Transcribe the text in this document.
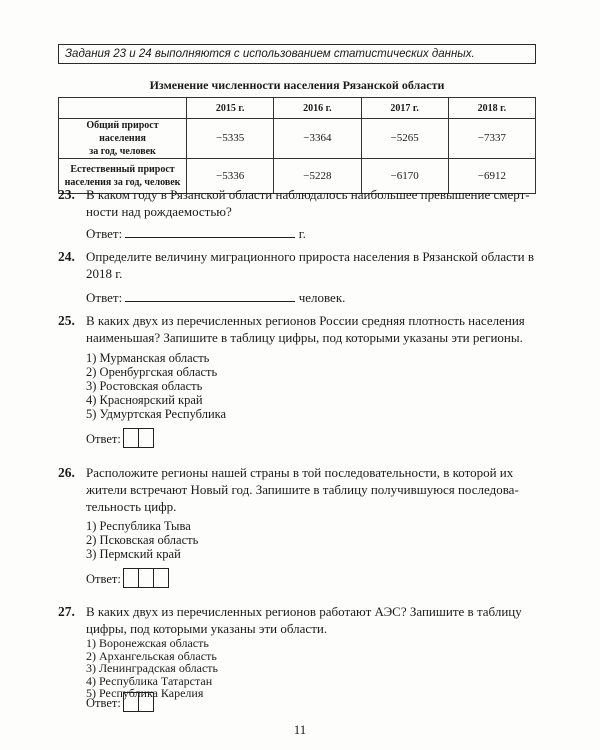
Задания 23 и 24 выполняются с использованием статистических данных.
Изменение численности населения Рязанской области
	2015 г.	2016 г.	2017 г.	2018 г.
Общий прирост населения
за год, человек	−5335	−3364	−5265	−7337
Естественный прирост
населения за год, человек	−5336	−5228	−6170	−6912
23. В каком году в Рязанской области наблюдалось наибольшее превышение смерт-
ности над рождаемостью?
Ответ:	г.
24. Определите величину миграционного прироста населения в Рязанской области в
2018 г.
Ответ:	человек.
25. В каких двух из перечисленных регионов России средняя плотность населения
наименьшая? Запишите в таблицу цифры, под которыми указаны эти регионы.
1) Мурманская область
2) Оренбургская область
3) Ростовская область
4) Красноярский край
5) Удмуртская Республика
Ответ:
26. Расположите регионы нашей страны в той последовательности, в которой их
жители встречают Новый год. Запишите в таблицу получившуюся последова-
тельность цифр.
1) Республика Тыва
2) Псковская область
3) Пермский край
Ответ:
27. В каких двух из перечисленных регионов работают АЭС? Запишите в таблицу
цифры, под которыми указаны эти области.
1) Воронежская область
2) Архангельская область
3) Ленинградская область
4) Республика Татарстан
5) Республика Карелия
11
Ответ:
